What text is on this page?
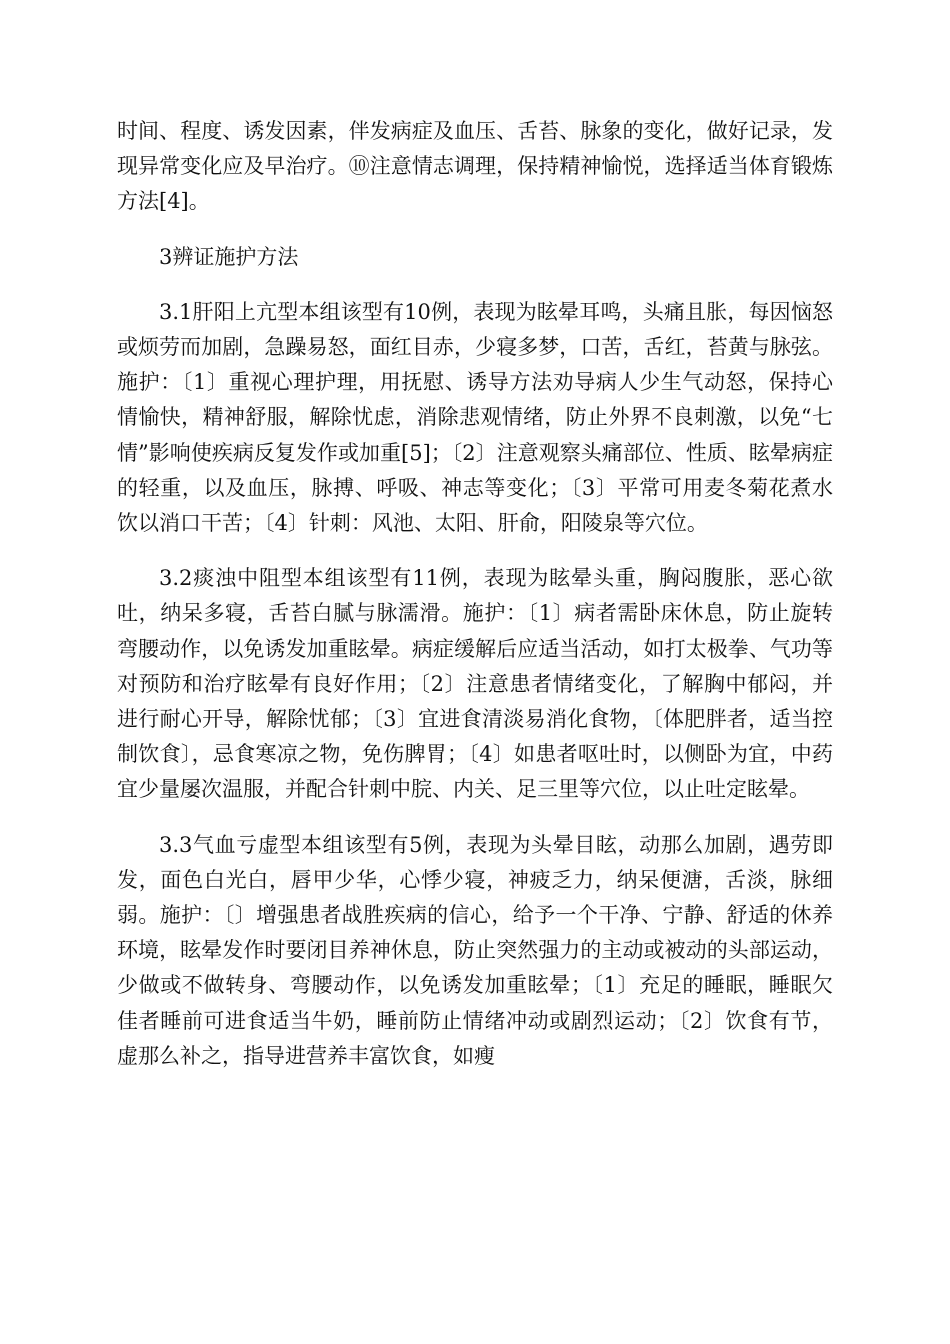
时间、程度、诱发因素，伴发病症及血压、舌苔、脉象的变化，做好记录，发现异常变化应及早治疗。⑩注意情志调理，保持精神愉悦，选择适当体育锻炼方法[4]。

3辨证施护方法

3.1肝阳上亢型本组该型有10例，表现为眩晕耳鸣，头痛且胀，每因恼怒或烦劳而加剧，急躁易怒，面红目赤，少寝多梦，口苦，舌红，苔黄与脉弦。施护：〔1〕重视心理护理，用抚慰、诱导方法劝导病人少生气动怒，保持心情愉快，精神舒服，解除忧虑，消除悲观情绪，防止外界不良刺激，以免“七情”影响使疾病反复发作或加重[5]；〔2〕注意观察头痛部位、性质、眩晕病症的轻重，以及血压，脉搏、呼吸、神志等变化；〔3〕平常可用麦冬菊花煮水饮以消口干苦；〔4〕针刺：风池、太阳、肝俞，阳陵泉等穴位。

3.2痰浊中阻型本组该型有11例，表现为眩晕头重，胸闷腹胀，恶心欲吐，纳呆多寝，舌苔白腻与脉濡滑。施护：〔1〕病者需卧床休息，防止旋转弯腰动作，以免诱发加重眩晕。病症缓解后应适当活动，如打太极拳、气功等对预防和治疗眩晕有良好作用；〔2〕注意患者情绪变化，了解胸中郁闷，并进行耐心开导，解除忧郁；〔3〕宜进食清淡易消化食物，〔体肥胖者，适当控制饮食〕，忌食寒凉之物，免伤脾胃；〔4〕如患者呕吐时，以侧卧为宜，中药宜少量屡次温服，并配合针刺中脘、内关、足三里等穴位，以止吐定眩晕。

3.3气血亏虚型本组该型有5例，表现为头晕目眩，动那么加剧，遇劳即发，面色白光白，唇甲少华，心悸少寝，神疲乏力，纳呆便溏，舌淡，脉细弱。施护：〔〕增强患者战胜疾病的信心，给予一个干净、宁静、舒适的休养环境，眩晕发作时要闭目养神休息，防止突然强力的主动或被动的头部运动，少做或不做转身、弯腰动作，以免诱发加重眩晕；〔1〕充足的睡眠，睡眠欠佳者睡前可进食适当牛奶，睡前防止情绪冲动或剧烈运动；〔2〕饮食有节，虚那么补之，指导进营养丰富饮食，如瘦
